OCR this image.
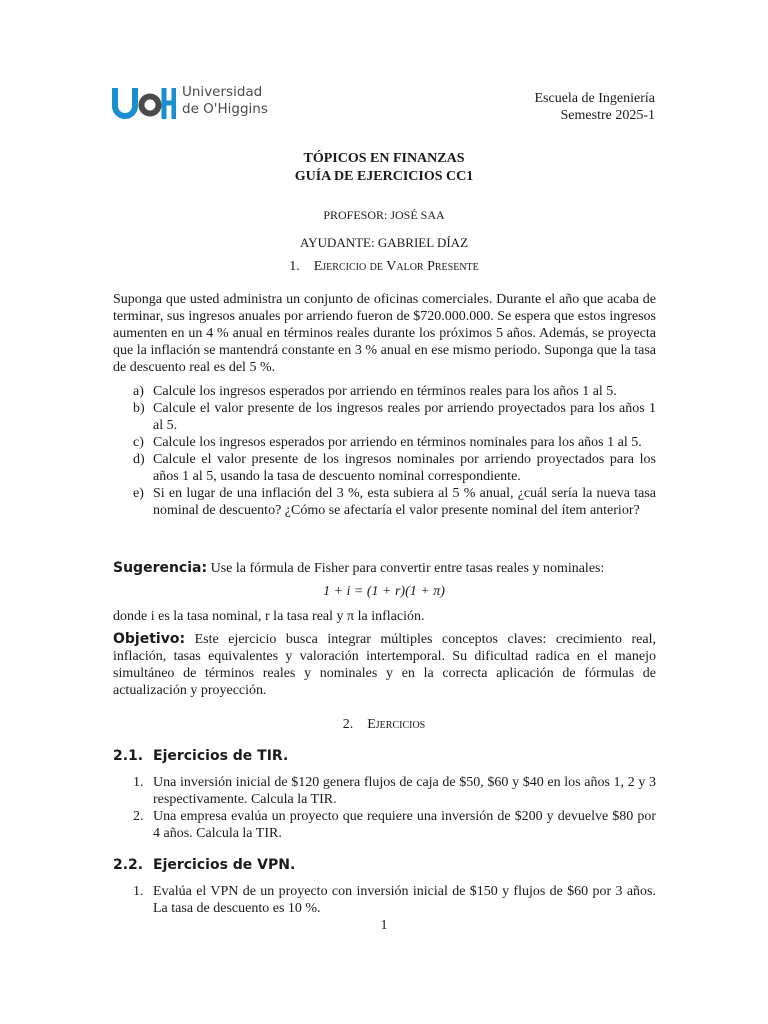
Universidad
de O'Higgins
Escuela de Ingeniería
Semestre 2025-1
TÓPICOS EN FINANZAS
GUÍA DE EJERCICIOS CC1
PROFESOR: JOSÉ SAA
AYUDANTE: GABRIEL DÍAZ
1. Ejercicio de Valor Presente
Suponga que usted administra un conjunto de oficinas comerciales. Durante el año que acaba de terminar, sus ingresos anuales por arriendo fueron de $720.000.000. Se espera que estos ingresos aumenten en un 4 % anual en términos reales durante los próximos 5 años. Además, se proyecta que la inflación se mantendrá constante en 3 % anual en ese mismo periodo. Suponga que la tasa de descuento real es del 5 %.
a) Calcule los ingresos esperados por arriendo en términos reales para los años 1 al 5.
b) Calcule el valor presente de los ingresos reales por arriendo proyectados para los años 1 al 5.
c) Calcule los ingresos esperados por arriendo en términos nominales para los años 1 al 5.
d) Calcule el valor presente de los ingresos nominales por arriendo proyectados para los años 1 al 5, usando la tasa de descuento nominal correspondiente.
e) Si en lugar de una inflación del 3 %, esta subiera al 5 % anual, ¿cuál sería la nueva tasa nominal de descuento? ¿Cómo se afectaría el valor presente nominal del ítem anterior?
Sugerencia: Use la fórmula de Fisher para convertir entre tasas reales y nominales:
1 + i = (1 + r)(1 + π)
donde i es la tasa nominal, r la tasa real y π la inflación.
Objetivo: Este ejercicio busca integrar múltiples conceptos claves: crecimiento real, inflación, tasas equivalentes y valoración intertemporal. Su dificultad radica en el manejo simultáneo de términos reales y nominales y en la correcta aplicación de fórmulas de actualización y proyección.
2. Ejercicios
2.1. Ejercicios de TIR.
1. Una inversión inicial de $120 genera flujos de caja de $50, $60 y $40 en los años 1, 2 y 3 respectivamente. Calcula la TIR.
2. Una empresa evalúa un proyecto que requiere una inversión de $200 y devuelve $80 por 4 años. Calcula la TIR.
2.2. Ejercicios de VPN.
1. Evalúa el VPN de un proyecto con inversión inicial de $150 y flujos de $60 por 3 años. La tasa de descuento es 10 %.
1
